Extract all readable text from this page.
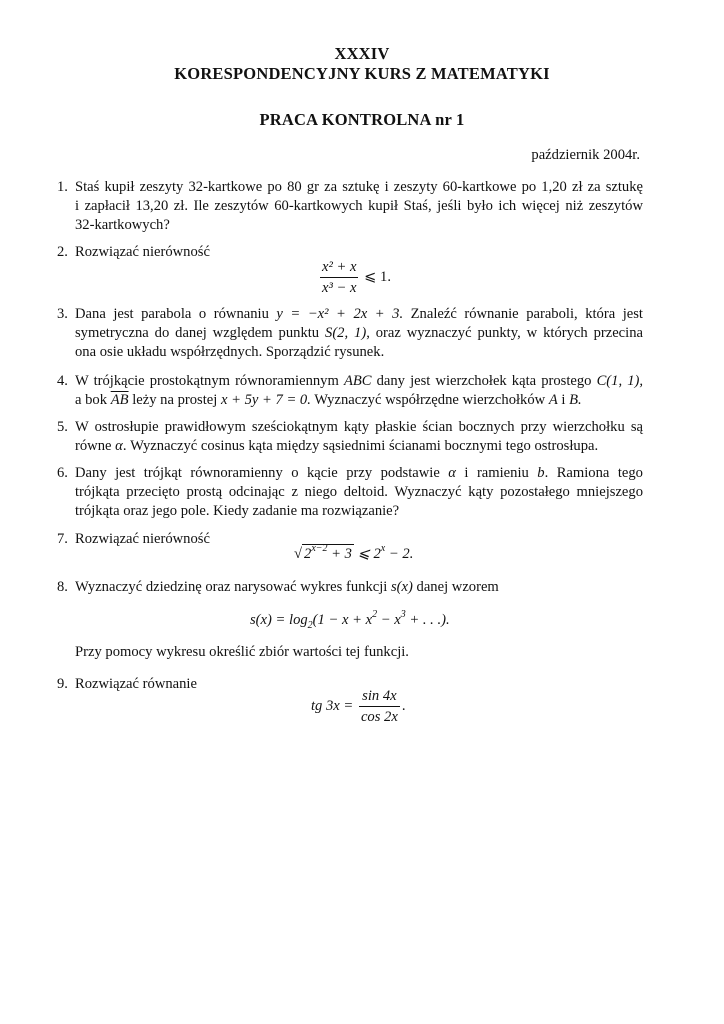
XXXIV
KORESPONDENCYJNY KURS Z MATEMATYKI
PRACA KONTROLNA nr 1
październik 2004r.
1. Staś kupił zeszyty 32-kartkowe po 80 gr za sztukę i zeszyty 60-kartkowe po 1,20 zł za sztukę
i zapłacił 13,20 zł. Ile zeszytów 60-kartkowych kupił Staś, jeśli było ich więcej niż zeszytów
32-kartkowych?
2. Rozwiązać nierówność
$\frac{\text{x² + x}}{\text{x³ − x}}$ ⩽ 1.
3. Dana jest parabola o równaniu y = −x² + 2x + 3. Znaleźć równanie paraboli, która jest
symetryczna do danej względem punktu S(2, 1), oraz wyznaczyć punkty, w których przecina
ona osie układu współrzędnych. Sporządzić rysunek.
4. W trójkącie prostokątnym równoramiennym ABC dany jest wierzchołek kąta prostego C(1, 1),
a bok $\overline{AB}$ leży na prostej x + 5y + 7 = 0. Wyznaczyć współrzędne wierzchołków A i B.
5. W ostrosłupie prawidłowym sześciokątnym kąty płaskie ścian bocznych przy wierzchołku są
równe α. Wyznaczyć cosinus kąta między sąsiednimi ścianami bocznymi tego ostrosłupa.
6. Dany jest trójkąt równoramienny o kącie przy podstawie α i ramieniu b. Ramiona tego
trójkąta przecięto prostą odcinając z niego deltoid. Wyznaczyć kąty pozostałego mniejszego
trójkąta oraz jego pole. Kiedy zadanie ma rozwiązanie?
7. Rozwiązać nierówność
√ $2^{x-2} + 3$ ⩽ $2^x - 2$.
8. Wyznaczyć dziedzinę oraz narysować wykres funkcji s(x) danej wzorem
$s(x) = \log_2(1 - x + x^2 - x^3$ + . . .).
Przy pomocy wykresu określić zbiór wartości tej funkcji.
9. Rozwiązać równanie
tg $3x = \frac{\sin 4x}{\cos 2x}$ .
